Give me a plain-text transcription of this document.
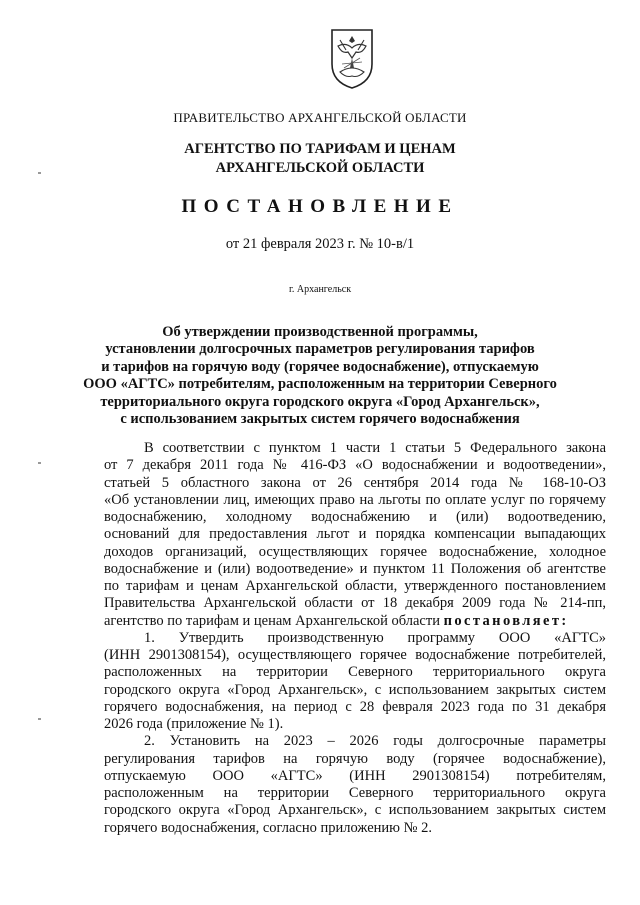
ПРАВИТЕЛЬСТВО АРХАНГЕЛЬСКОЙ ОБЛАСТИ
АГЕНТСТВО ПО ТАРИФАМ И ЦЕНАМ
АРХАНГЕЛЬСКОЙ ОБЛАСТИ
ПОСТАНОВЛЕНИЕ
от 21 февраля 2023 г. № 10-в/1
г. Архангельск
Об утверждении производственной программы,
установлении долгосрочных параметров регулирования тарифов
и тарифов на горячую воду (горячее водоснабжение), отпускаемую
ООО «АГТС» потребителям, расположенным на территории Северного
территориального округа городского округа «Город Архангельск»,
с использованием закрытых систем горячего водоснабжения
В соответствии с пунктом 1 части 1 статьи 5 Федерального закона
от 7 декабря 2011 года № 416-ФЗ «О водоснабжении и водоотведении»,
статьей 5 областного закона от 26 сентября 2014 года № 168-10-ОЗ
«Об установлении лиц, имеющих право на льготы по оплате услуг по горячему
водоснабжению, холодному водоснабжению и (или) водоотведению,
оснований для предоставления льгот и порядка компенсации выпадающих
доходов организаций, осуществляющих горячее водоснабжение, холодное
водоснабжение и (или) водоотведение» и пунктом 11 Положения об агентстве
по тарифам и ценам Архангельской области, утвержденного постановлением
Правительства Архангельской области от 18 декабря 2009 года № 214-пп,
агентство по тарифам и ценам Архангельской области постановляет:
1. Утвердить производственную программу ООО «АГТС»
(ИНН 2901308154), осуществляющего горячее водоснабжение потребителей,
расположенных на территории Северного территориального округа
городского округа «Город Архангельск», с использованием закрытых систем
горячего водоснабжения, на период с 28 февраля 2023 года по 31 декабря
2026 года (приложение № 1).
2. Установить на 2023 – 2026 годы долгосрочные параметры
регулирования тарифов на горячую воду (горячее водоснабжение),
отпускаемую ООО «АГТС» (ИНН 2901308154) потребителям,
расположенным на территории Северного территориального округа
городского округа «Город Архангельск», с использованием закрытых систем
горячего водоснабжения, согласно приложению № 2.
